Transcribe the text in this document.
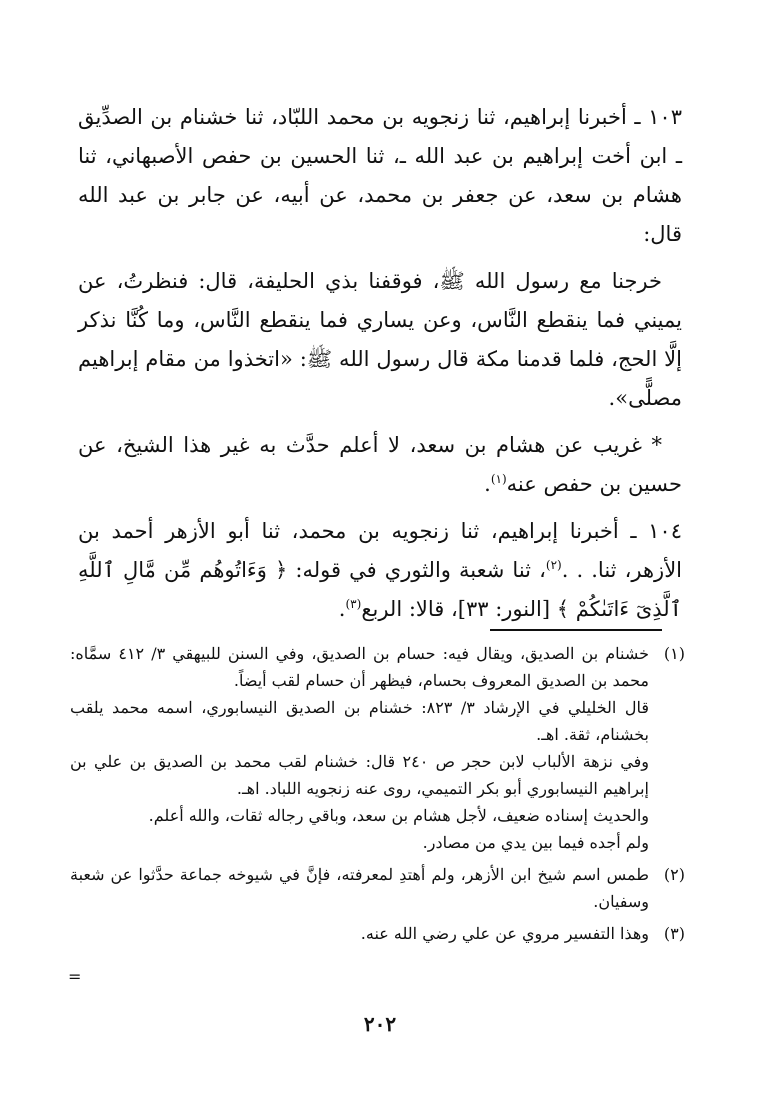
١٠٣ ـ أخبرنا إبراهيم، ثنا زنجويه بن محمد اللبّاد، ثنا خشنام بن الصدِّيق ـ ابن أخت إبراهيم بن عبد الله ـ، ثنا الحسين بن حفص الأصبهاني، ثنا هشام بن سعد، عن جعفر بن محمد، عن أبيه، عن جابر بن عبد الله قال:

خرجنا مع رسول الله ﷺ، فوقفنا بذي الحليفة، قال: فنظرتُ، عن يميني فما ينقطع النَّاس، وعن يساري فما ينقطع النَّاس، وما كُنَّا نذكر إلَّا الحج، فلما قدمنا مكة قال رسول الله ﷺ: «اتخذوا من مقام إبراهيم مصلًّى».

* غريب عن هشام بن سعد، لا أعلم حدَّث به غير هذا الشيخ، عن حسين بن حفص عنه$^{(١)}$.

١٠٤ ـ أخبرنا إبراهيم، ثنا زنجويه بن محمد، ثنا أبو الأزهر أحمد بن الأزهر، ثنا. . .$^{(٢)}$، ثنا شعبة والثوري في قوله: ﴿ وَءَاتُوهُم مِّن مَّالِ ٱللَّهِ ٱلَّذِىٓ ءَاتَىٰكُمْ ﴾ [النور: ٣٣]، قالا: الربع$^{(٣)}$.

(١)

خشنام بن الصديق، ويقال فيه: حسام بن الصديق، وفي السنن للبيهقي ٣/ ٤١٢ سمَّاه: محمد بن الصديق المعروف بحسام، فيظهر أن حسام لقب أيضاً.

قال الخليلي في الإرشاد ٣/ ٨٢٣: خشنام بن الصديق النيسابوري، اسمه محمد يلقب بخشنام، ثقة. اهـ.

وفي نزهة الألباب لابن حجر ص ٢٤٠ قال: خشنام لقب محمد بن الصديق بن علي بن إبراهيم النيسابوري أبو بكر التميمي، روى عنه زنجويه اللباد. اهـ.

والحديث إسناده ضعيف، لأجل هشام بن سعد، وباقي رجاله ثقات، والله أعلم.

ولم أجده فيما بين يدي من مصادر.

(٢)

طمس اسم شيخ ابن الأزهر، ولم أهتدِ لمعرفته، فإنَّ في شيوخه جماعة حدَّثوا عن شعبة وسفيان.

(٣)

وهذا التفسير مروي عن علي رضي الله عنه.

=
٢٠٢
